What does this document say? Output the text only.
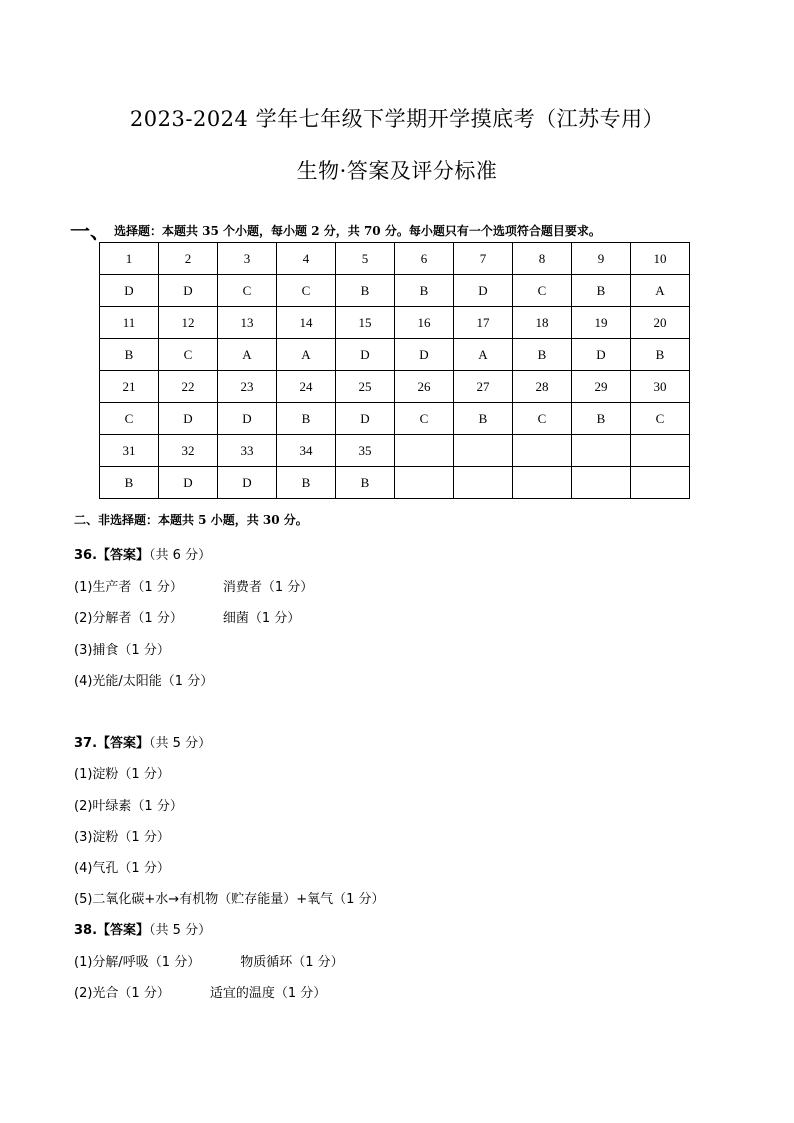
2023-2024 学年七年级下学期开学摸底考（江苏专用）
生物·答案及评分标准
一、 选择题：本题共 35 个小题，每小题 2 分，共 70 分。每小题只有一个选项符合题目要求。
1	2	3	4	5	6	7	8	9	10
D	D	C	C	B	B	D	C	B	A
11	12	13	14	15	16	17	18	19	20
B	C	A	A	D	D	A	B	D	B
21	22	23	24	25	26	27	28	29	30
C	D	D	B	D	C	B	C	B	C
31	32	33	34	35					
B	D	D	B	B					
二、非选择题：本题共 5 小题，共 30 分。
36.【答案】（共 6 分）
(1)生产者（1 分）	消费者（1 分）
(2)分解者（1 分）	细菌（1 分）
(3)捕食（1 分）
(4)光能/太阳能（1 分）
37.【答案】（共 5 分）
(1)淀粉（1 分）
(2)叶绿素（1 分）
(3)淀粉（1 分）
(4)气孔（1 分）
(5)二氧化碳+水→有机物（贮存能量）+氧气（1 分）
38.【答案】（共 5 分）
(1)分解/呼吸（1 分）	物质循环（1 分）
(2)光合（1 分）	适宜的温度（1 分）
